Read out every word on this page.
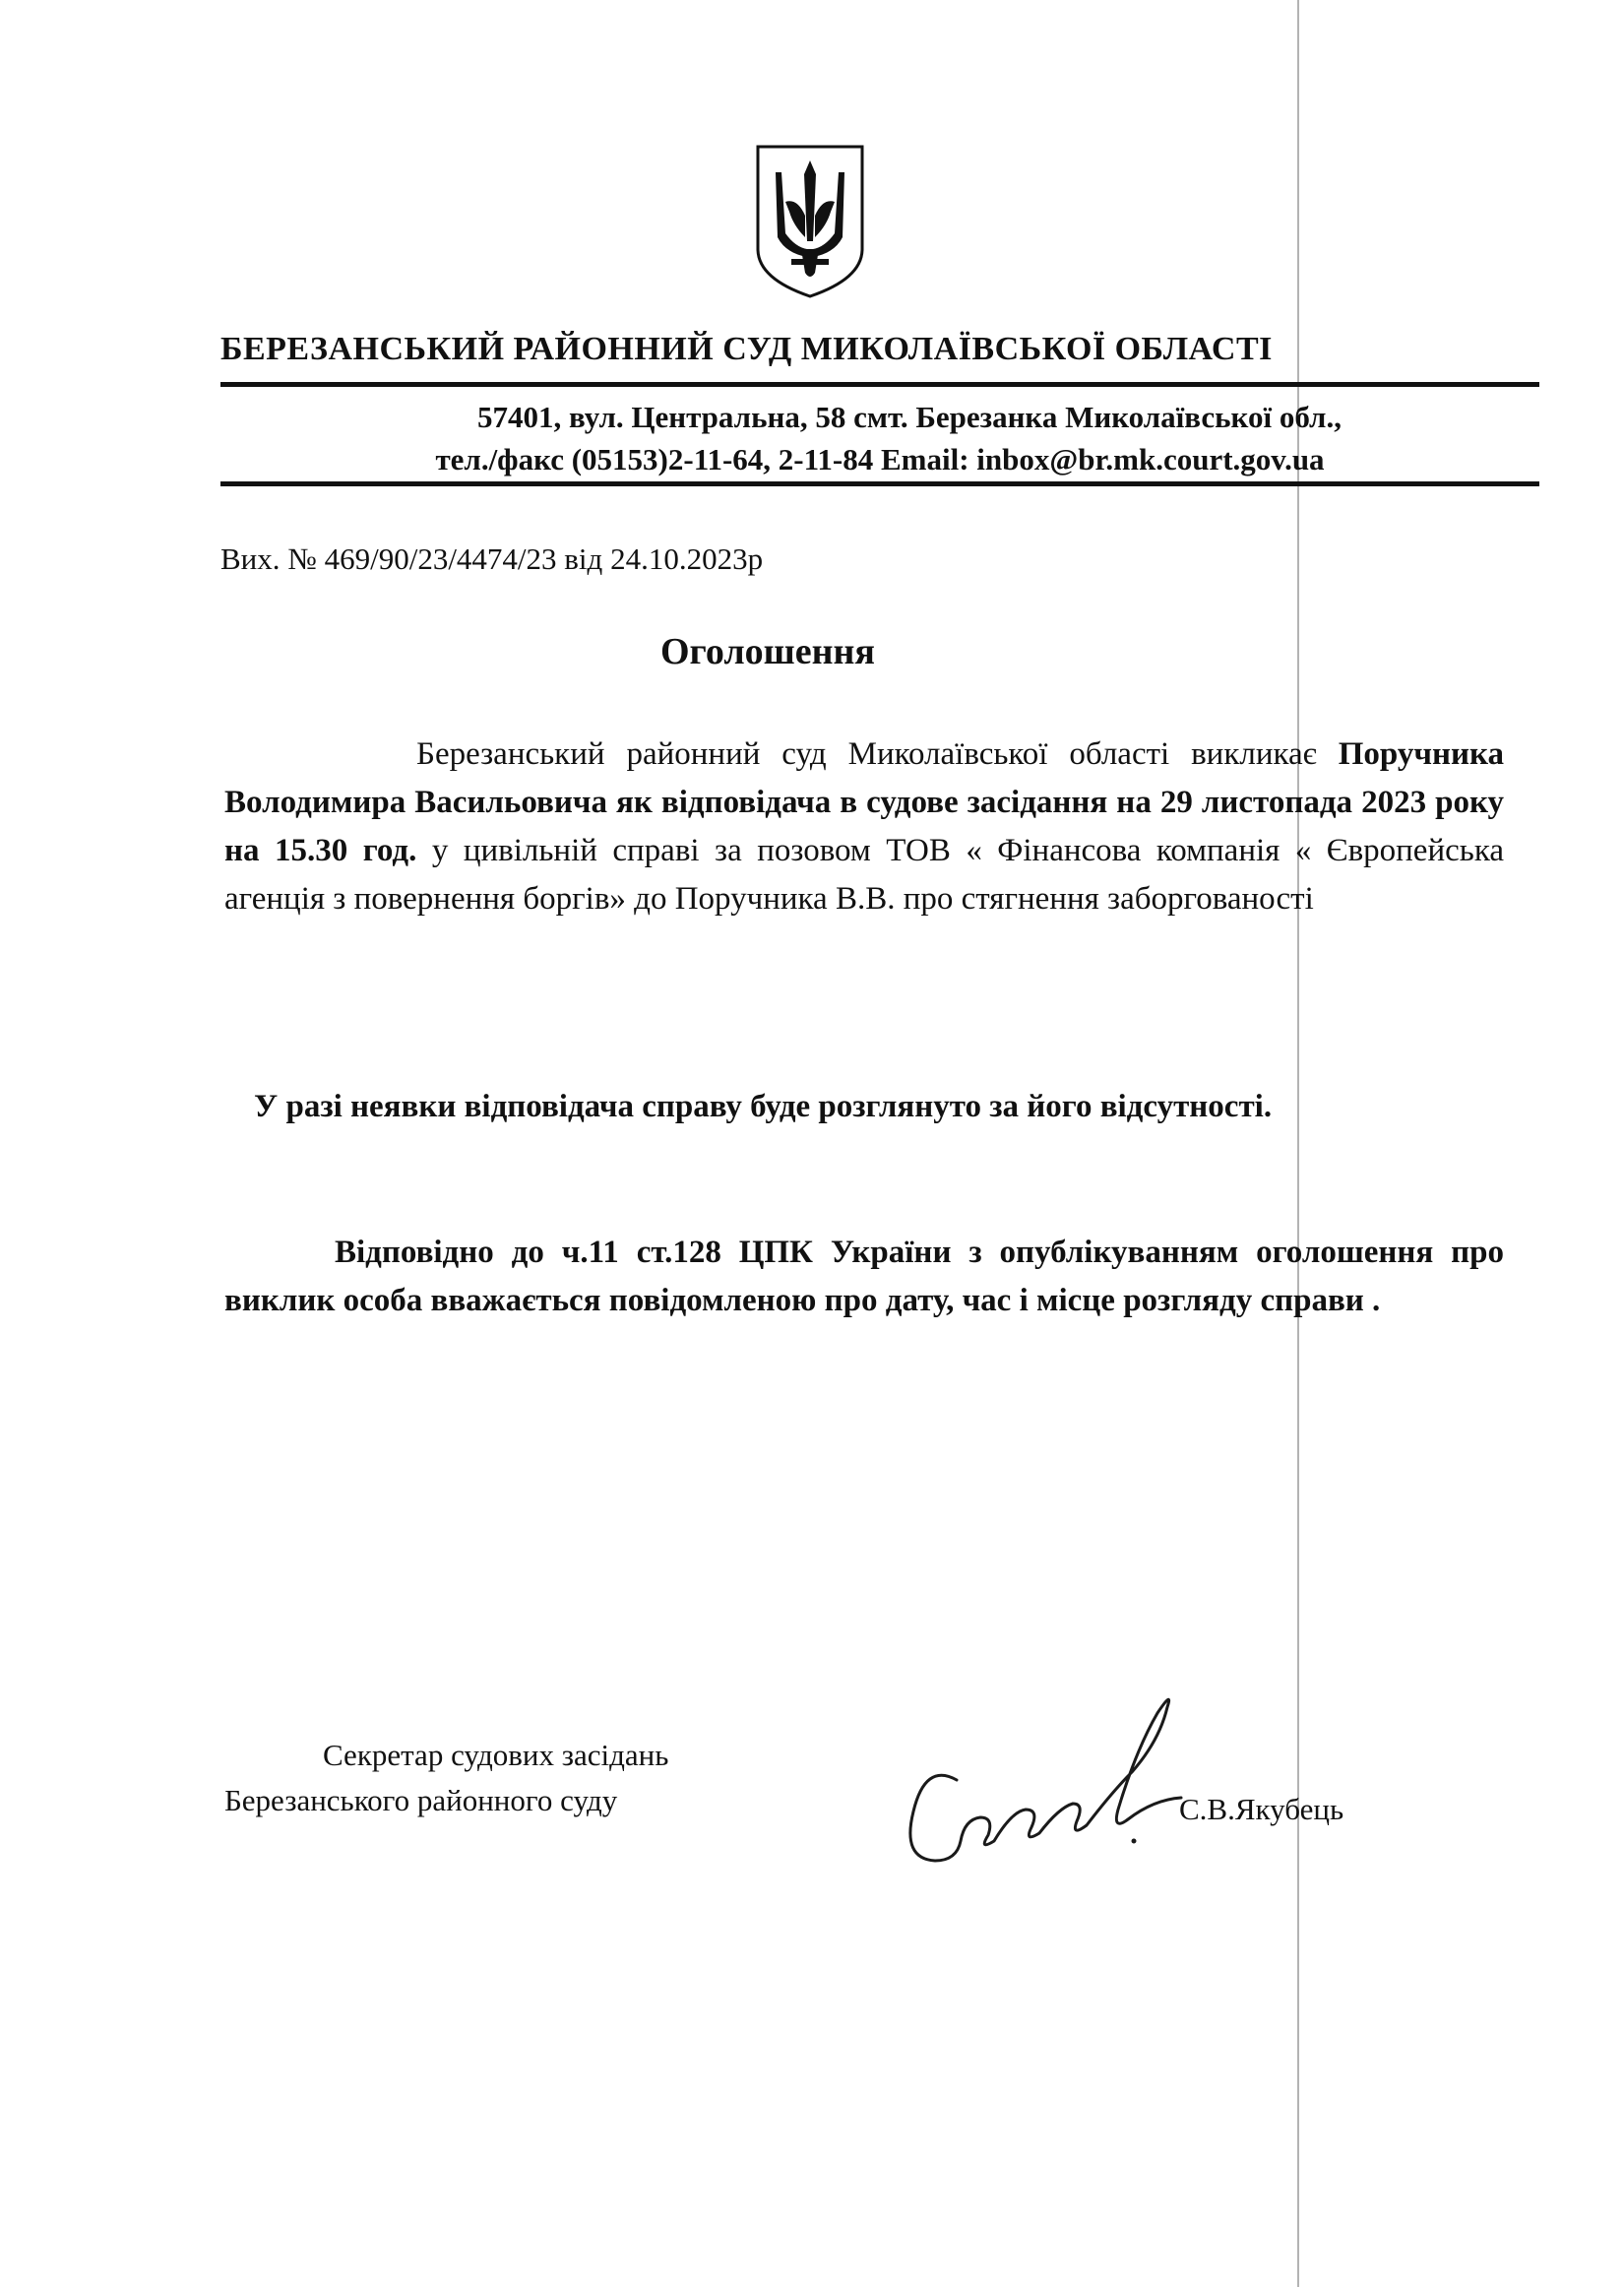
БЕРЕЗАНСЬКИЙ РАЙОННИЙ СУД МИКОЛАЇВСЬКОЇ ОБЛАСТІ
57401, вул. Центральна, 58 смт. Березанка Миколаївської обл.,
тел./факс (05153)2-11-64, 2-11-84 Email: inbox@br.mk.court.gov.ua
Вих. № 469/90/23/4474/23 від 24.10.2023р
Оголошення
Березанський районний суд Миколаївської області викликає Поручника Володимира Васильовича як відповідача в судове засідання на 29 листопада 2023 року на 15.30 год. у цивільній справі за позовом ТОВ « Фінансова компанія « Європейська агенція з повернення боргів» до Поручника В.В. про стягнення заборгованості
У разі неявки відповідача справу буде розглянуто за його відсутності.
Відповідно до ч.11 ст.128 ЦПК України з опублікуванням оголошення про виклик особа вважається повідомленою про дату, час і місце розгляду справи .
Секретар судових засідань
Березанського районного суду	С.В.Якубець
